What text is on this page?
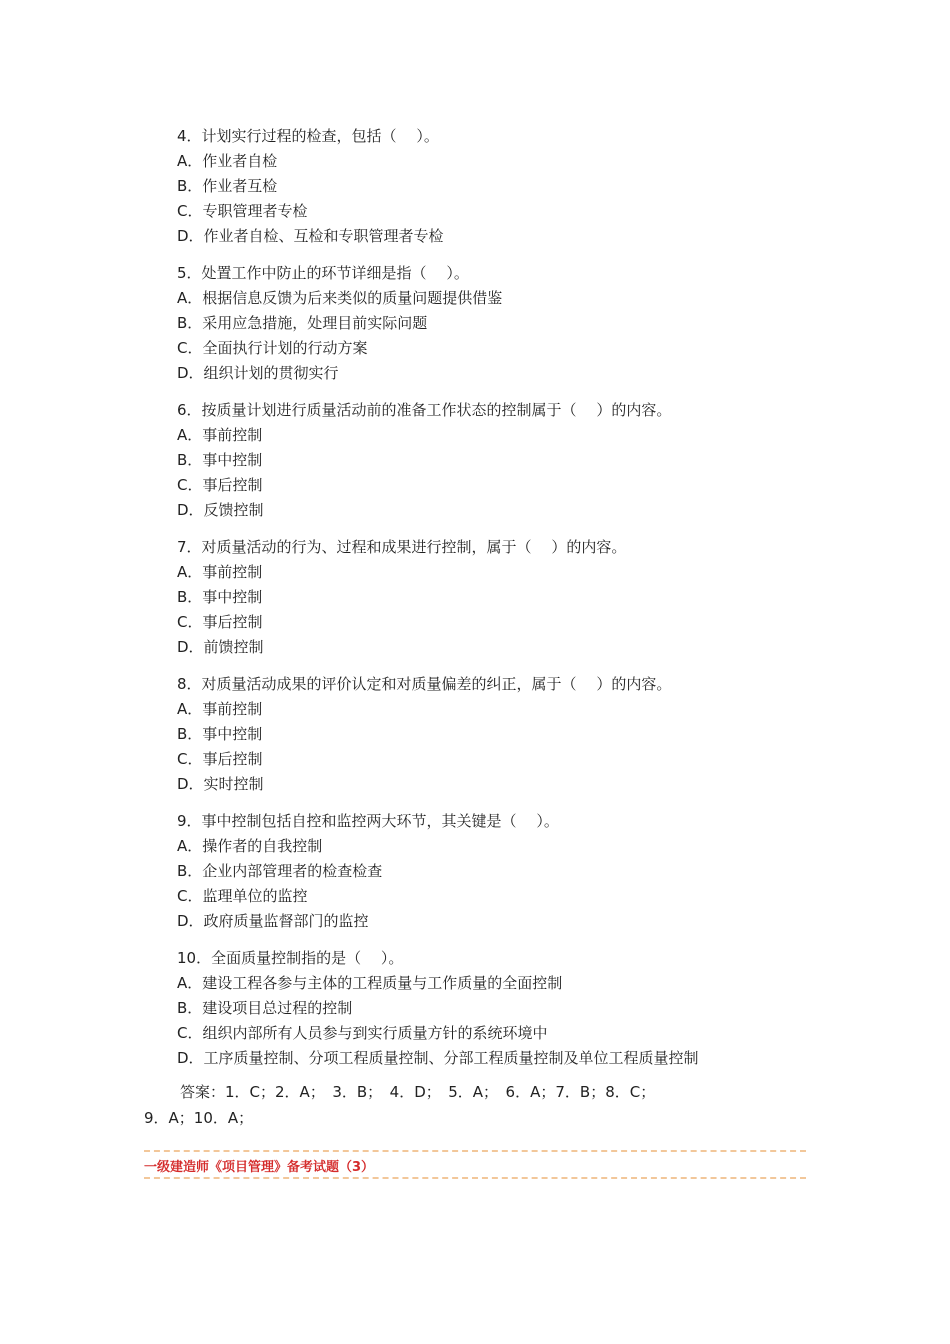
4．计划实行过程的检查，包括（　 ）。
A．作业者自检
B．作业者互检
C．专职管理者专检
D．作业者自检、互检和专职管理者专检
5．处置工作中防止的环节详细是指（　 ）。
A．根据信息反馈为后来类似的质量问题提供借鉴
B．采用应急措施，处理目前实际问题
C．全面执行计划的行动方案
D．组织计划的贯彻实行
6．按质量计划进行质量活动前的准备工作状态的控制属于（　 ）的内容。
A．事前控制
B．事中控制
C．事后控制
D．反馈控制
7．对质量活动的行为、过程和成果进行控制，属于（　 ）的内容。
A．事前控制
B．事中控制
C．事后控制
D．前馈控制
8．对质量活动成果的评价认定和对质量偏差的纠正，属于（　 ）的内容。
A．事前控制
B．事中控制
C．事后控制
D．实时控制
9．事中控制包括自控和监控两大环节，其关键是（　 ）。
A．操作者的自我控制
B．企业内部管理者的检查检查
C．监理单位的监控
D．政府质量监督部门的监控
10．全面质量控制指的是（　 ）。
A．建设工程各参与主体的工程质量与工作质量的全面控制
B．建设项目总过程的控制
C．组织内部所有人员参与到实行质量方针的系统环境中
D．工序质量控制、分项工程质量控制、分部工程质量控制及单位工程质量控制
答案：1．C；2．A；　3．B；　4．D；　5．A；　6．A；7．B；8．C；
9．A；10．A；
一级建造师《项目管理》备考试题（3）
